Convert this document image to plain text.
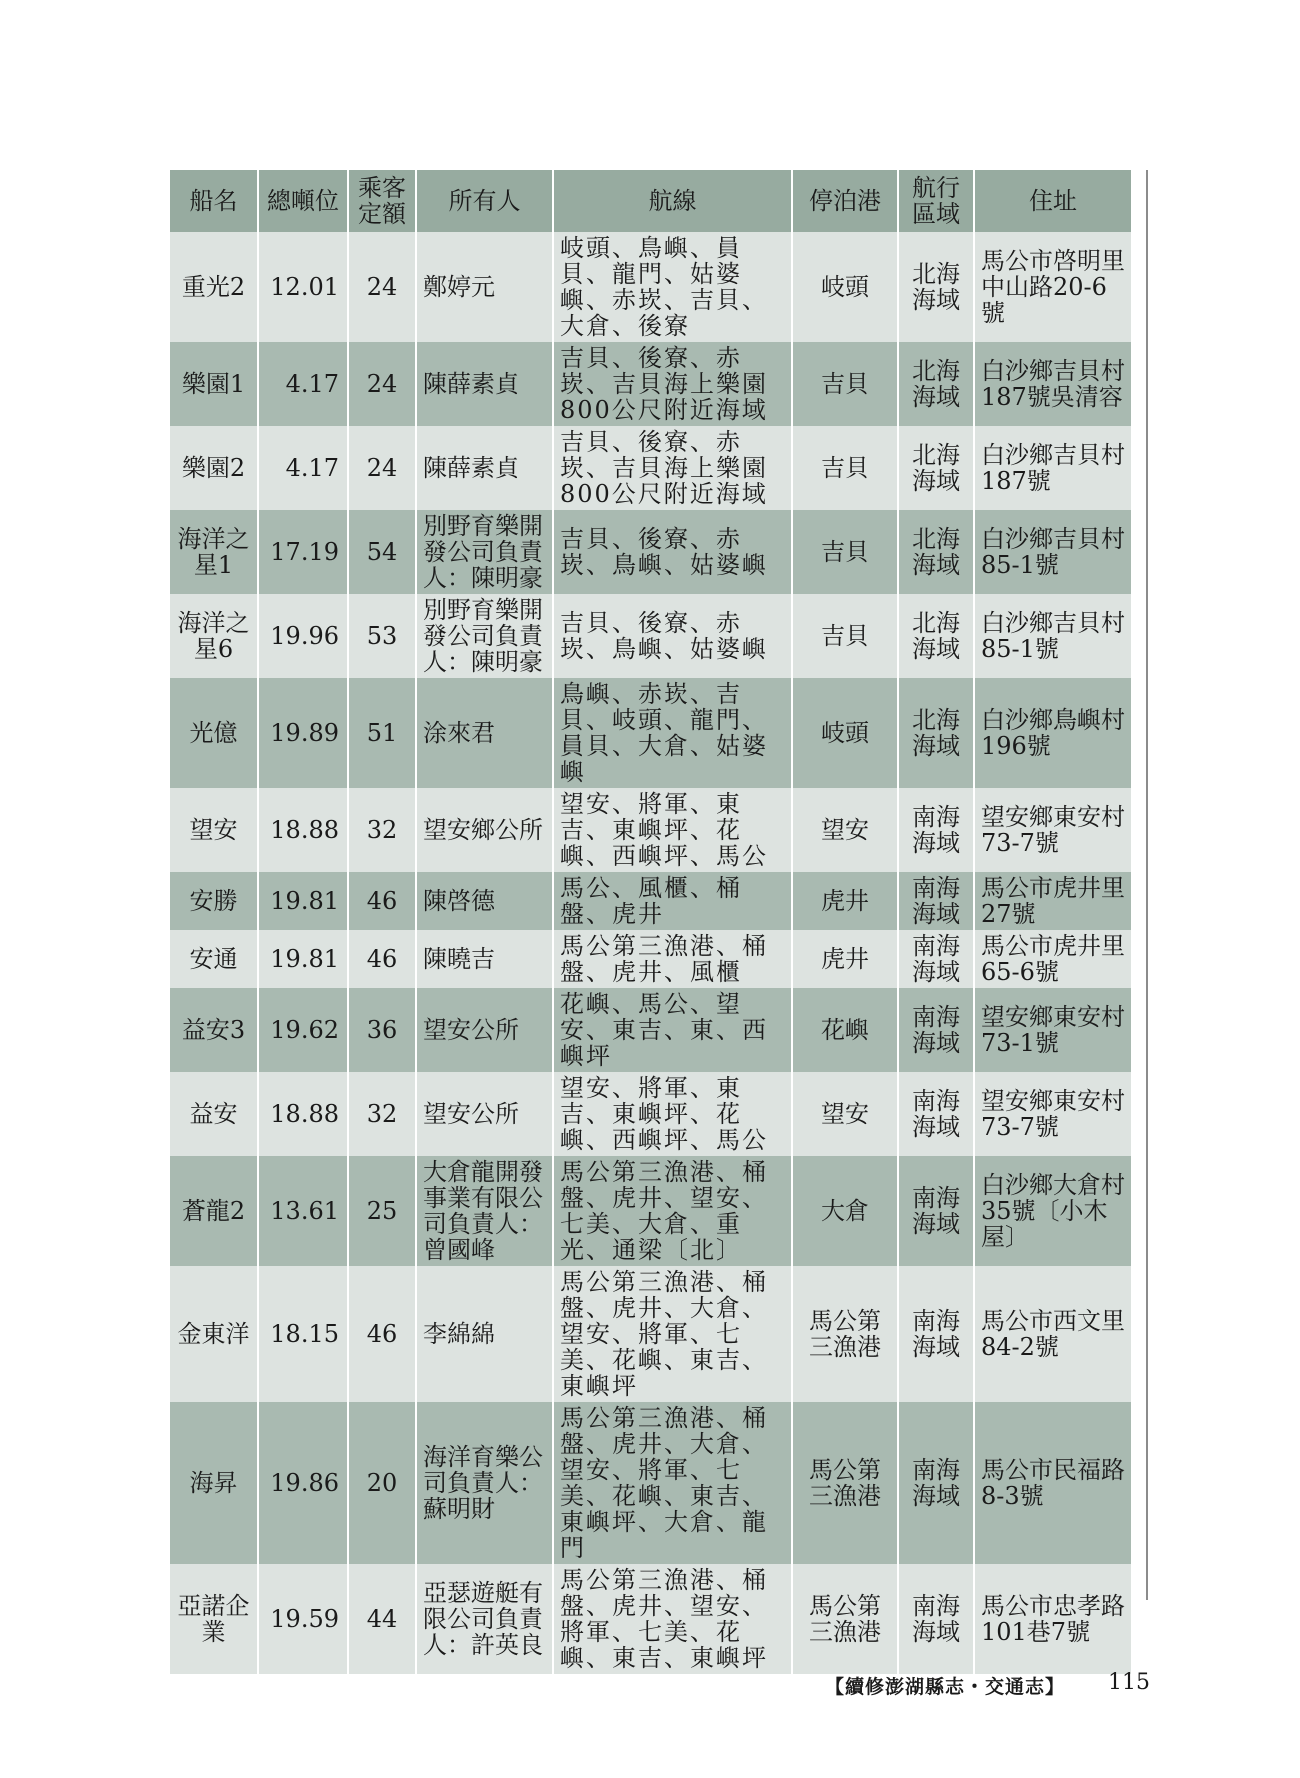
船名	總噸位	乘客定額	所有人	航線	停泊港	航行區域	住址
重光2	12.01	24	鄭婷元	岐頭、鳥嶼、員貝、龍門、姑婆嶼、赤崁、吉貝、大倉、後寮	岐頭	北海海域	馬公市啓明里中山路20-6號
樂園1	4.17	24	陳薛素貞	吉貝、後寮、赤崁、吉貝海上樂園800公尺附近海域	吉貝	北海海域	白沙鄉吉貝村187號吳清容
樂園2	4.17	24	陳薛素貞	吉貝、後寮、赤崁、吉貝海上樂園800公尺附近海域	吉貝	北海海域	白沙鄉吉貝村187號
海洋之星1	17.19	54	別野育樂開發公司負責人：陳明豪	吉貝、後寮、赤崁、鳥嶼、姑婆嶼	吉貝	北海海域	白沙鄉吉貝村85-1號
海洋之星6	19.96	53	別野育樂開發公司負責人：陳明豪	吉貝、後寮、赤崁、鳥嶼、姑婆嶼	吉貝	北海海域	白沙鄉吉貝村85-1號
光億	19.89	51	涂來君	鳥嶼、赤崁、吉貝、岐頭、龍門、員貝、大倉、姑婆嶼	岐頭	北海海域	白沙鄉鳥嶼村196號
望安	18.88	32	望安鄉公所	望安、將軍、東吉、東嶼坪、花嶼、西嶼坪、馬公	望安	南海海域	望安鄉東安村73-7號
安勝	19.81	46	陳啓德	馬公、風櫃、桶盤、虎井	虎井	南海海域	馬公市虎井里27號
安通	19.81	46	陳曉吉	馬公第三漁港、桶盤、虎井、風櫃	虎井	南海海域	馬公市虎井里65-6號
益安3	19.62	36	望安公所	花嶼、馬公、望安、東吉、東、西嶼坪	花嶼	南海海域	望安鄉東安村73-1號
益安	18.88	32	望安公所	望安、將軍、東吉、東嶼坪、花嶼、西嶼坪、馬公	望安	南海海域	望安鄉東安村73-7號
蒼龍2	13.61	25	大倉龍開發事業有限公司負責人：曾國峰	馬公第三漁港、桶盤、虎井、望安、七美、大倉、重光、通梁〔北〕	大倉	南海海域	白沙鄉大倉村35號〔小木屋〕
金東洋	18.15	46	李綿綿	馬公第三漁港、桶盤、虎井、大倉、望安、將軍、七美、花嶼、東吉、東嶼坪	馬公第三漁港	南海海域	馬公市西文里84-2號
海昇	19.86	20	海洋育樂公司負責人：蘇明財	馬公第三漁港、桶盤、虎井、大倉、望安、將軍、七美、花嶼、東吉、東嶼坪、大倉、龍門	馬公第三漁港	南海海域	馬公市民福路8-3號
亞諾企業	19.59	44	亞瑟遊艇有限公司負責人：許英良	馬公第三漁港、桶盤、虎井、望安、將軍、七美、花嶼、東吉、東嶼坪	馬公第三漁港	南海海域	馬公市忠孝路101巷7號
【續修澎湖縣志・交通志】 115
